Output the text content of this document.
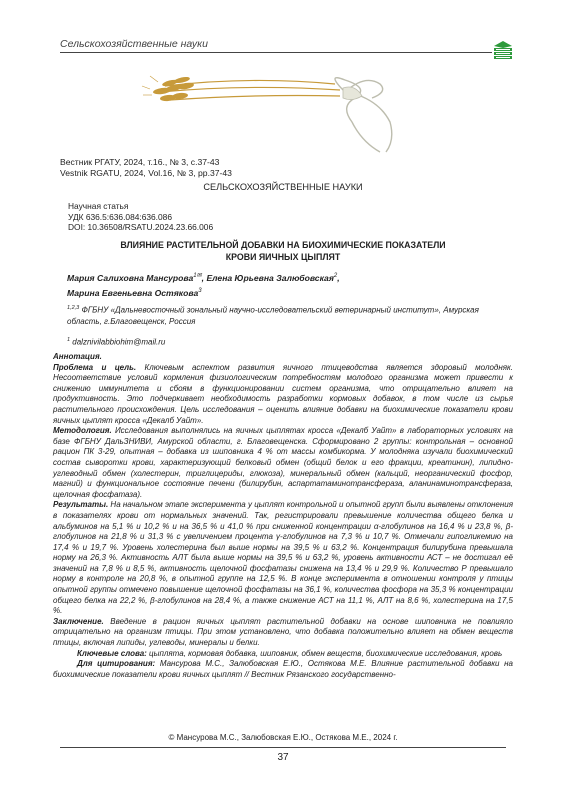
Сельскохозяйственные науки
Вестник РГАТУ, 2024, т.16., № 3, с.37-43
Vestnik RGATU, 2024, Vol.16, № 3, pp.37-43
СЕЛЬСКОХОЗЯЙСТВЕННЫЕ НАУКИ
Научная статья
УДК 636.5:636.084:636.086
DOI: 10.36508/RSATU.2024.23.66.006
ВЛИЯНИЕ РАСТИТЕЛЬНОЙ ДОБАВКИ НА БИОХИМИЧЕСКИЕ ПОКАЗАТЕЛИ
КРОВИ ЯИЧНЫХ ЦЫПЛЯТ
Мария Салиховна Мансурова$^{1✉}$, Елена Юрьевна Залюбовская$^2$,
Марина Евгеньевна Остякова$^3$
$^{1,2,3}$ ФГБНУ «Дальневосточный зональный научно-исследовательский ветеринарный институт», Амурская область, г.Благовещенск, Россия
$^1$ dalznivilabbiohim@mail.ru

Аннотация.

Проблема и цель. Ключевым аспектом развития яичного птицеводства является здоровый молодняк. Несоответствие условий кормления физиологическим потребностям молодого организма может привести к снижению иммунитета и сбоям в функционировании систем организма, что отрицательно влияет на продуктивность. Это подчеркивает необходимость разработки кормовых добавок, в том числе из сырья растительного происхождения. Цель исследования – оценить влияние добавки на биохимические показатели крови яичных цыплят кросса «Декалб Уайт».

Методология. Исследования выполнялись на яичных цыплятах кросса «Декалб Уайт» в лабораторных условиях на базе ФГБНУ ДальЗНИВИ, Амурской области, г. Благовещенска. Сформировано 2 группы: контрольная – основной рацион ПК 3-29, опытная – добавка из шиповника 4 % от массы комбикорма. У молодняка изучали биохимический состав сыворотки крови, характеризующий белковый обмен (общий белок и его фракции, креатинин), липидно-углеводный обмен (холестерин, триглицериды, глюкоза), минеральный обмен (кальций, неорганический фосфор, магний) и функциональное состояние печени (билирубин, аспартатаминотрансфераза, аланинаминотрансфераза, щелочная фосфатаза).

Результаты. На начальном этапе эксперимента у цыплят контрольной и опытной групп были выявлены отклонения в показателях крови от нормальных значений. Так, регистрировали превышение количества общего белка и альбуминов на 5,1 % и 10,2 % и на 36,5 % и 41,0 % при сниженной концентрации α-глобулинов на 16,4 % и 23,8 %, β-глобулинов на 21,8 % и 31,3 % с увеличением процента γ-глобулинов на 7,3 % и 10,7 %. Отмечали гипогликемию на 17,4 % и 19,7 %. Уровень холестерина был выше нормы на 39,5 % и 63,2 %. Концентрация билирубина превышала норму на 26,3 %. Активность АЛТ была выше нормы на 39,5 % и 63,2 %, уровень активности АСТ – не достигал её значений на 7,8 % и 8,5 %, активность щелочной фосфатазы снижена на 13,4 % и 29,9 %. Количество Р превышало норму в контроле на 20,8 %, в опытной группе на 12,5 %. В конце эксперимента в отношении контроля у птицы опытной группы отмечено повышение щелочной фосфатазы на 36,1 %, количества фосфора на 35,3 % концентрации общего белка на 22,2 %, β-глобулинов на 28,4 %, а также снижение АСТ на 11,1 %, АЛТ на 8,6 %, холестерина на 17,5 %.

Заключение. Введение в рацион яичных цыплят растительной добавки на основе шиповника не повлияло отрицательно на организм птицы. При этом установлено, что добавка положительно влияет на обмен веществ птицы, включая липиды, углеводы, минералы и белки.

Ключевые слова: цыплята, кормовая добавка, шиповник, обмен веществ, биохимические исследования, кровь

Для цитирования: Мансурова М.С., Залюбовская Е.Ю., Остякова М.Е. Влияние растительной добавки на биохимические показатели крови яичных цыплят // Вестник Рязанского государственно-

© Мансурова М.С., Залюбовская Е.Ю., Остякова М.Е., 2024 г.
37
